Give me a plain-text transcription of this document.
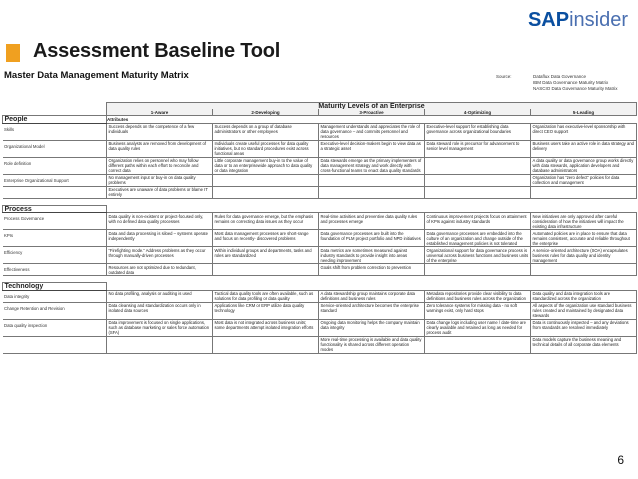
SAPinsider
Assessment Baseline Tool
Master Data Management Maturity Matrix	Source:	Dataflux Data Governance
IBM Data Governance Maturity Matrix
NASCIO Data Governance Maturity Matrix
	Maturity Levels of an Enterprise				
	1-Aware	2-Developing	3-Proactive	4-Optimizing	5-Leading
People	Attributes				
Skills	Success depends on the competence of a few individuals	Success depends on a group of database administrators or other employees	Management understands and appreciates the role of data governance – and commits personnel and resources	Executive-level support for establishing data governance across organizational boundaries	Organization has executive-level sponsorship with direct CEO support
Organizational Model	Business analysts are removed from development of data quality rules	Individuals create useful processes for data quality initiatives, but no standard procedures exist across functional areas	Executive-level decision-makers begin to view data as a strategic asset	Data steward role is precursor for advancement to senior level management	Business users take an active role in data strategy and delivery
Role definition	Organization relies on personnel who may follow different paths within each effort to reconcile and correct data	Little corporate management buy-in to the value of data or to an enterprisewide approach to data quality or data integration	Data stewards emerge as the primary implementers of data management strategy and work directly with cross-functional teams to enact data quality standards		A data quality or data governance group works directly with data stewards, application developers and database administrators
Enterprise Organizational Support	No management input or buy-in on data quality problems				Organization has “zero defect” policies for data collection and management
	Executives are unaware of data problems or blame IT entirely				

Process					
Process Governance	Data quality is non-existent or project-focused only, with no defined data quality processes	Rules for data governance emerge, but the emphasis remains on correcting data issues as they occur	Real-time activities and preventive data quality rules and processes emerge	Continuous improvement projects focus on attainment of KPIs against industry standards	New initiatives are only approved after careful consideration of how the initiatives will impact the existing data infrastructure
KPIs	Data and data processing is siloed – systems operate independently	Most data management processes are short-range and focus on recently- discovered problems	Data governance processes are built into the foundation of PLM project portfolio and NPD initiatives	Data governance processes are embedded into the culture of an organization and change outside of the established management policies is not tolerated	Automated policies are in place to ensure that data remains consistent, accurate and reliable throughout the enterprise
Efficiency	“Firefighting mode.” Address problems as they occur through manually-driven processes	Within individual groups and departments, tasks and roles are standardized	Data metrics are sometimes measured against industry standards to provide insight into areas needing improvement	Organizational support for data governance process is universal across business functions and business units of the enterprise	A service-oriented architecture (SOA) encapsulates business rules for data quality and identity management
Effectiveness	Resources are not optimized due to redundant, outdated data		Goals shift from problem correction to prevention		

Technology					
Data integrity	No data profiling, analysis or auditing is used	Tactical data quality tools are often available, such as solutions for data profiling or data quality	A data stewardship group maintains corporate data definitions and business rules	Metadata repositories provide clear visibility to data definitions and business rules across the organization	Data quality and data integration tools are standardized across the organization
Change Retention and Revision	Data cleansing and standardization occurs only in isolated data sources	Applications like CRM or ERP utilize data quality technology	Service-oriented architecture becomes the enterprise standard	Zero tolerance systems for missing data - no soft warnings exist, only hard stops	All aspects of the organization use standard business rules created and maintained by designated data stewards
Data quality inspection	Data improvement is focused on single applications, such as database marketing or sales force automation (SFA)	Most data is not integrated across business units; some departments attempt isolated integration efforts	Ongoing data monitoring helps the company maintain data integrity	Data change logs including user name / date-time are clearly available and retained as long as needed for process audit	Data is continuously inspected – and any deviations from standards are resolved immediately
			More real-time processing is available and data quality functionality is shared across different operation modes		Data models capture the business meaning and technical details of all corporate data elements
6
